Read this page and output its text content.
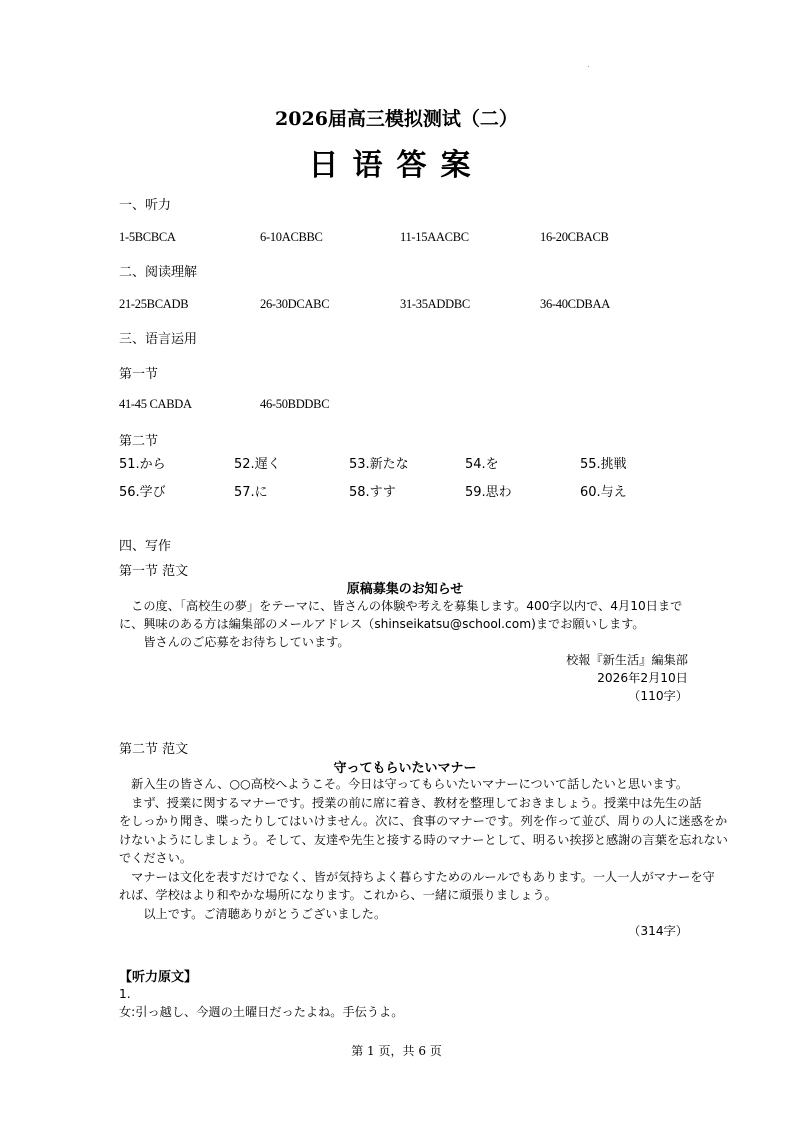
2026届高三模拟测试（二）
日语答案
一、听力
1-5BCBCA	6-10ACBBC	11-15AACBC	16-20CBACB
二、阅读理解
21-25BCADB	26-30DCABC	31-35ADDBC	36-40CDBAA
三、语言运用
第一节
41-45 CABDA	46-50BDDBC
第二节
51.から	52.遅く	53.新たな	54.を	55.挑戦
56.学び	57.に	58.すす	59.思わ	60.与え
四、写作
第一节 范文
原稿募集のお知らせ
　この度、「高校生の夢」をテーマに、皆さんの体験や考えを募集します。400字以内で、4月10日まで
に、興味のある方は編集部のメールアドレス（shinseikatsu@school.com)までお願いします。
　　皆さんのご応募をお待ちしています。
校報『新生活』編集部
2026年2月10日
（110字）
第二节 范文
守ってもらいたいマナー
　新入生の皆さん、○○高校へようこそ。今日は守ってもらいたいマナーについて話したいと思います。
　まず、授業に関するマナーです。授業の前に席に着き、教材を整理しておきましょう。授業中は先生の話
をしっかり聞き、喋ったりしてはいけません。次に、食事のマナーです。列を作って並び、周りの人に迷惑をか
けないようにしましょう。そして、友達や先生と接する時のマナーとして、明るい挨拶と感謝の言葉を忘れない
でください。
　マナーは文化を表すだけでなく、皆が気持ちよく暮らすためのルールでもあります。一人一人がマナーを守
れば、学校はより和やかな場所になります。これから、一緒に頑張りましょう。
　　以上です。ご清聴ありがとうございました。
（314字）
【听力原文】
1.
女:引っ越し、今週の土曜日だったよね。手伝うよ。
第 1 页，共 6 页
